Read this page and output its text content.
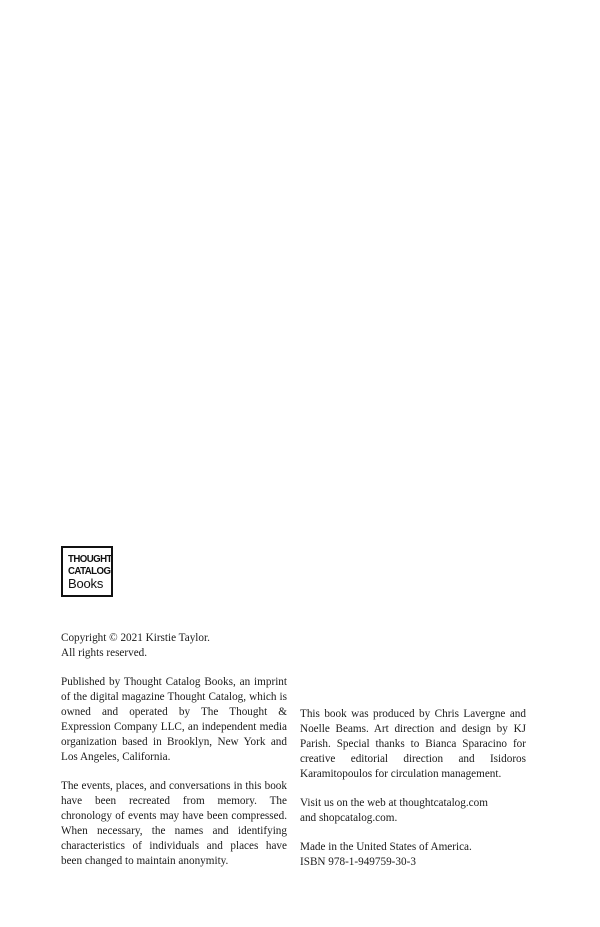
THOUGHT
CATALOG
Books

Copyright © 2021 Kirstie Taylor.
All rights reserved.

Published by Thought Catalog Books, an imprint of the digital magazine Thought Catalog, which is owned and operated by The Thought & Expression Company LLC, an independent media organization based in Brooklyn, New York and Los Angeles, California.

The events, places, and conversations in this book have been recreated from memory. The chronology of events may have been compressed. When necessary, the names and identifying characteristics of individuals and places have been changed to maintain anonymity.

This book was produced by Chris Lavergne and Noelle Beams. Art direction and design by KJ Parish. Special thanks to Bianca Sparacino for creative editorial direction and Isidoros Karamitopoulos for circulation management.

Visit us on the web at thoughtcatalog.com
and shopcatalog.com.

Made in the United States of America.
ISBN 978-1-949759-30-3
